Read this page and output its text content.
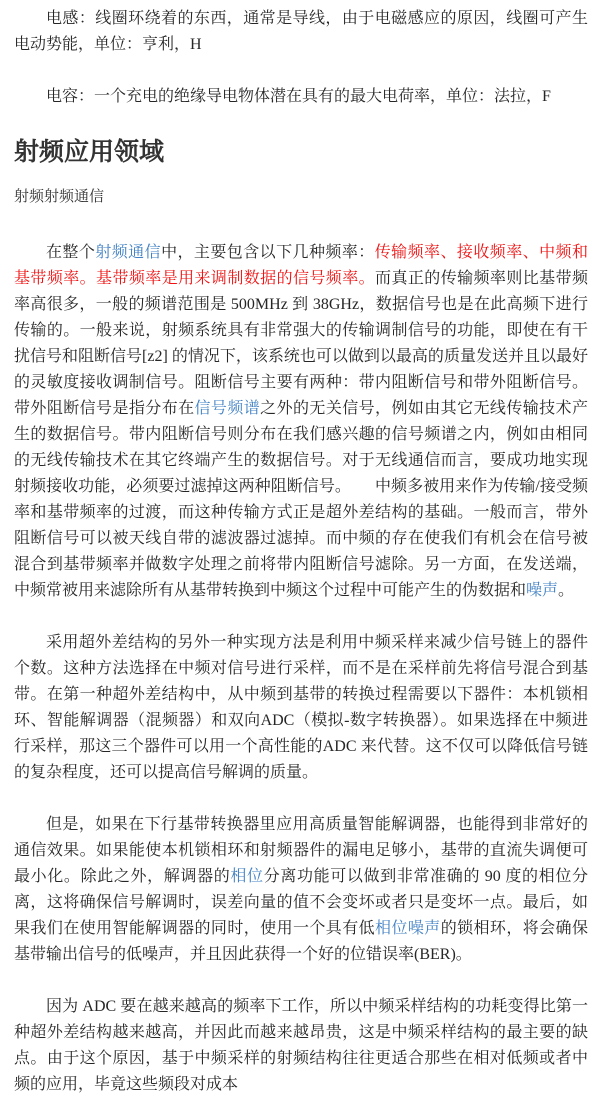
电感：线圈环绕着的东西，通常是导线，由于电磁感应的原因，线圈可产生电动势能，单位：亨利，H

电容：一个充电的绝缘导电物体潜在具有的最大电荷率，单位：法拉，F

射频应用领域

射频射频通信

在整个射频通信中，主要包含以下几种频率：传输频率、接收频率、中频和基带频率。基带频率是用来调制数据的信号频率。而真正的传输频率则比基带频率高很多，一般的频谱范围是 500MHz 到 38GHz，数据信号也是在此高频下进行传输的。一般来说，射频系统具有非常强大的传输调制信号的功能，即使在有干扰信号和阻断信号[z2] 的情况下，该系统也可以做到以最高的质量发送并且以最好的灵敏度接收调制信号。阻断信号主要有两种：带内阻断信号和带外阻断信号。带外阻断信号是指分布在信号频谱之外的无关信号，例如由其它无线传输技术产生的数据信号。带内阻断信号则分布在我们感兴趣的信号频谱之内，例如由相同的无线传输技术在其它终端产生的数据信号。对于无线通信而言，要成功地实现射频接收功能，必须要过滤掉这两种阻断信号。　　中频多被用来作为传输/接受频率和基带频率的过渡，而这种传输方式正是超外差结构的基础。一般而言，带外阻断信号可以被天线自带的滤波器过滤掉。而中频的存在使我们有机会在信号被混合到基带频率并做数字处理之前将带内阻断信号滤除。另一方面，在发送端，中频常被用来滤除所有从基带转换到中频这个过程中可能产生的伪数据和噪声。

采用超外差结构的另外一种实现方法是利用中频采样来减少信号链上的器件个数。这种方法选择在中频对信号进行采样，而不是在采样前先将信号混合到基带。在第一种超外差结构中，从中频到基带的转换过程需要以下器件：本机锁相环、智能解调器（混频器）和双向ADC（模拟-数字转换器）。如果选择在中频进行采样，那这三个器件可以用一个高性能的ADC 来代替。这不仅可以降低信号链的复杂程度，还可以提高信号解调的质量。

但是，如果在下行基带转换器里应用高质量智能解调器，也能得到非常好的通信效果。如果能使本机锁相环和射频器件的漏电足够小，基带的直流失调便可最小化。除此之外，解调器的相位分离功能可以做到非常准确的 90 度的相位分离，这将确保信号解调时，误差向量的值不会变坏或者只是变坏一点。最后，如果我们在使用智能解调器的同时，使用一个具有低相位噪声的锁相环，将会确保基带输出信号的低噪声，并且因此获得一个好的位错误率(BER)。

因为 ADC 要在越来越高的频率下工作，所以中频采样结构的功耗变得比第一种超外差结构越来越高，并因此而越来越昂贵，这是中频采样结构的最主要的缺点。由于这个原因，基于中频采样的射频结构往往更适合那些在相对低频或者中频的应用，毕竟这些频段对成本
